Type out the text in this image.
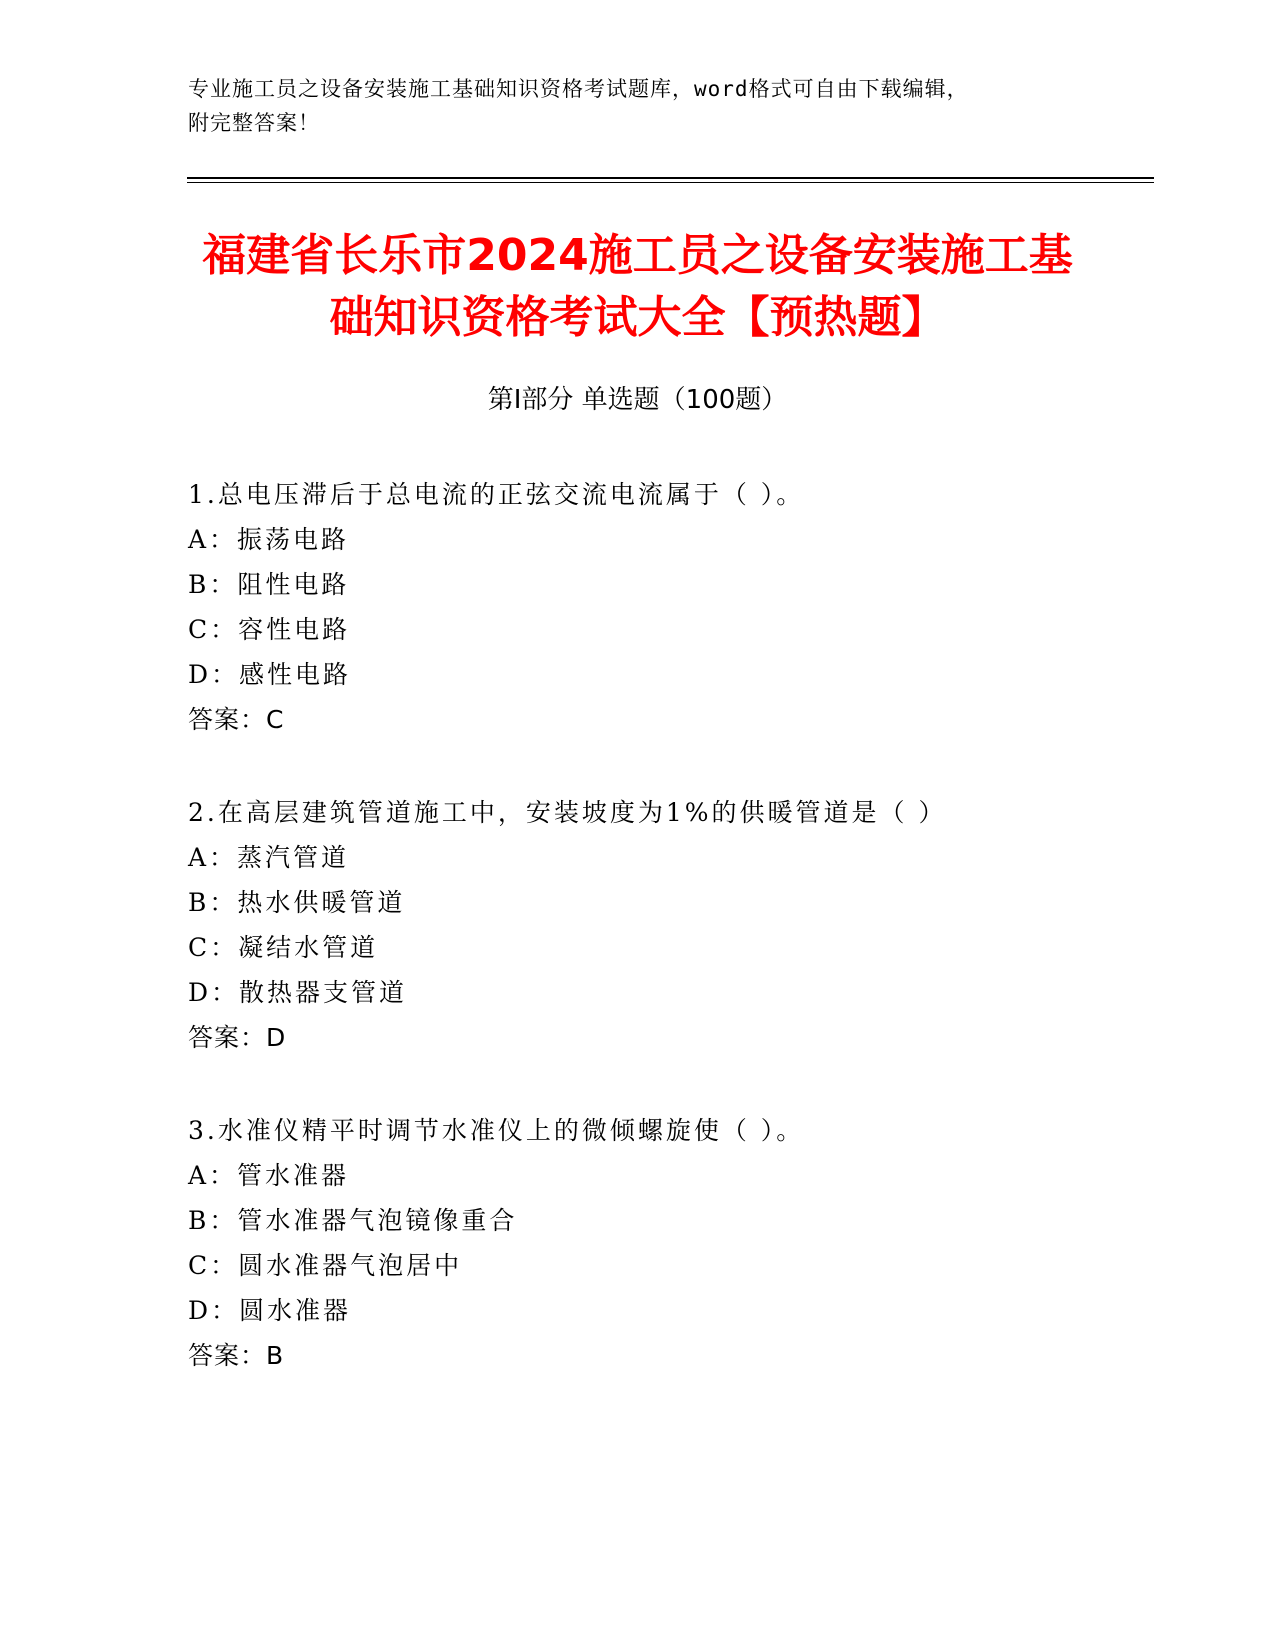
专业施工员之设备安装施工基础知识资格考试题库，word格式可自由下载编辑，
附完整答案！
福建省长乐市2024施工员之设备安装施工基
础知识资格考试大全【预热题】
第Ⅰ部分 单选题（100题）
1.总电压滞后于总电流的正弦交流电流属于（ ）。
A：振荡电路
B：阻性电路
C：容性电路
D：感性电路
答案：C
2.在高层建筑管道施工中，安装坡度为1%的供暖管道是（ ）
A：蒸汽管道
B：热水供暖管道
C：凝结水管道
D：散热器支管道
答案：D
3.水准仪精平时调节水准仪上的微倾螺旋使（ ）。
A：管水准器
B：管水准器气泡镜像重合
C：圆水准器气泡居中
D：圆水准器
答案：B
